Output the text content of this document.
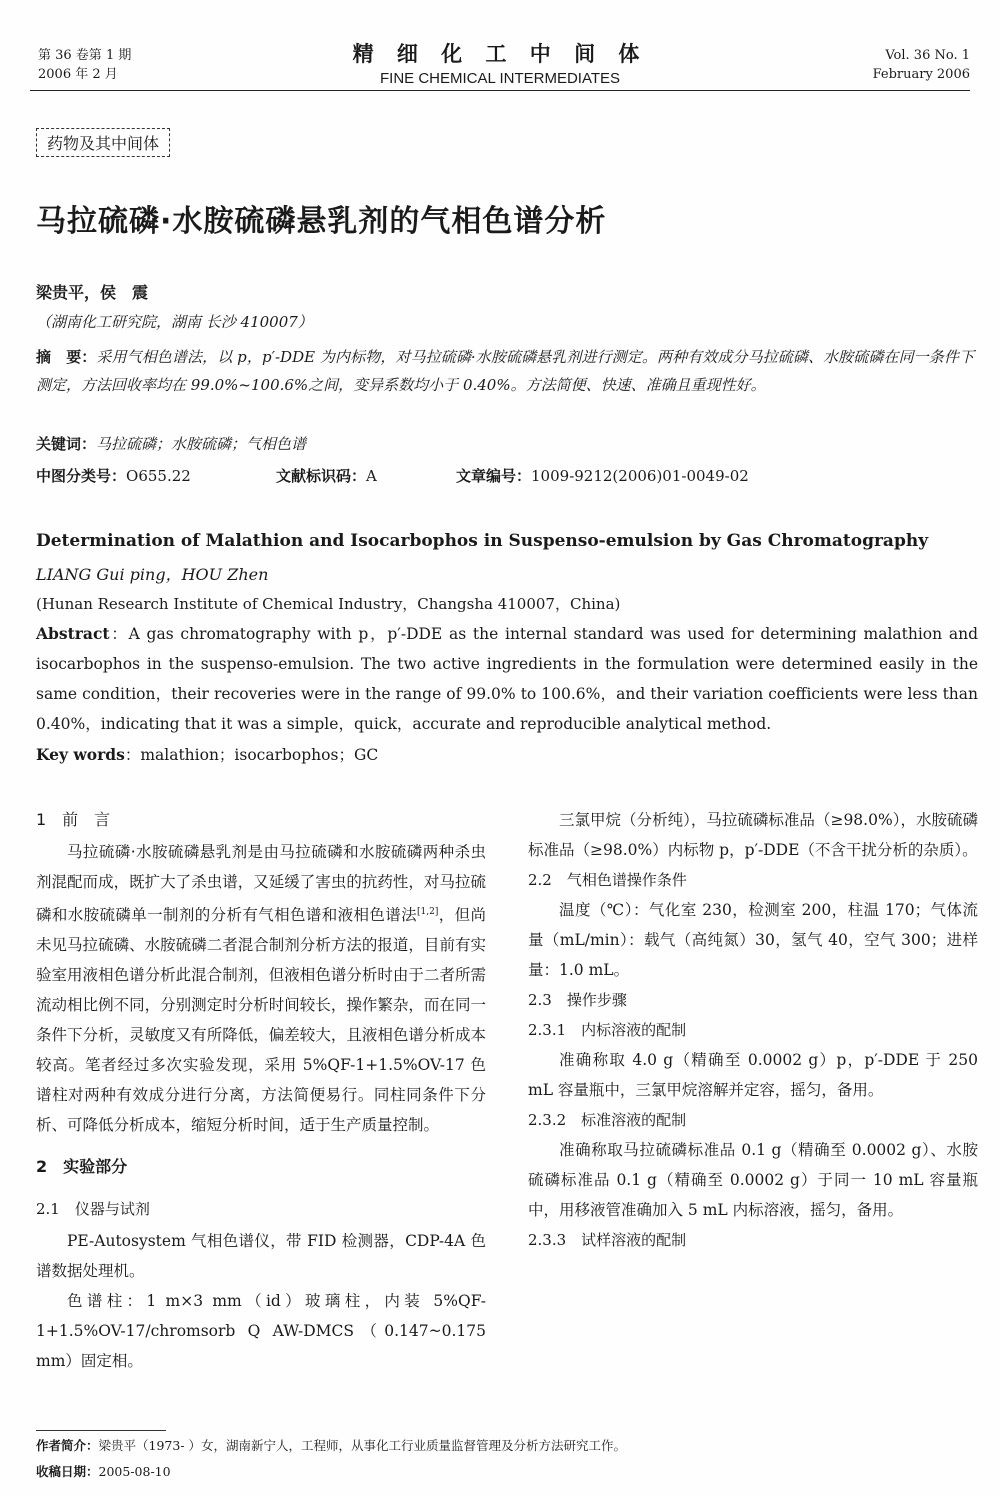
第 36 卷第 1 期
2006 年 2 月
精 细 化 工 中 间 体
FINE CHEMICAL INTERMEDIATES
Vol. 36 No. 1
February 2006
药物及其中间体
马拉硫磷·水胺硫磷悬乳剂的气相色谱分析
梁贵平，侯　震
（湖南化工研究院，湖南 长沙 410007）
摘　要：采用气相色谱法，以 p，p′-DDE 为内标物，对马拉硫磷·水胺硫磷悬乳剂进行测定。两种有效成分马拉硫磷、水胺硫磷在同一条件下测定，方法回收率均在 99.0%~100.6%之间，变异系数均小于 0.40%。方法简便、快速、准确且重现性好。
关键词：马拉硫磷；水胺硫磷；气相色谱
中图分类号：O655.22	文献标识码：A	文章编号：1009-9212(2006)01-0049-02
Determination of Malathion and Isocarbophos in Suspenso-emulsion by Gas Chromatography
LIANG Gui ping，HOU Zhen
(Hunan Research Institute of Chemical Industry，Changsha 410007，China)
Abstract：A gas chromatography with p，p′-DDE as the internal standard was used for determining malathion and isocarbophos in the suspenso-emulsion. The two active ingredients in the formulation were determined easily in the same condition，their recoveries were in the range of 99.0% to 100.6%，and their variation coefficients were less than 0.40%，indicating that it was a simple，quick，accurate and reproducible analytical method.
Key words：malathion；isocarbophos；GC

1　前　言

马拉硫磷·水胺硫磷悬乳剂是由马拉硫磷和水胺硫磷两种杀虫剂混配而成，既扩大了杀虫谱，又延缓了害虫的抗药性，对马拉硫磷和水胺硫磷单一制剂的分析有气相色谱和液相色谱法[1,2]，但尚未见马拉硫磷、水胺硫磷二者混合制剂分析方法的报道，目前有实验室用液相色谱分析此混合制剂，但液相色谱分析时由于二者所需流动相比例不同，分别测定时分析时间较长，操作繁杂，而在同一条件下分析，灵敏度又有所降低，偏差较大，且液相色谱分析成本较高。笔者经过多次实验发现，采用 5%QF-1+1.5%OV-17 色谱柱对两种有效成分进行分离，方法简便易行。同柱同条件下分析、可降低分析成本，缩短分析时间，适于生产质量控制。

2　实验部分

2.1　仪器与试剂

PE-Autosystem 气相色谱仪，带 FID 检测器，CDP-4A 色谱数据处理机。

色谱柱：1 m×3 mm（id）玻璃柱，内装 5%QF-1+1.5%OV-17/chromsorb Q AW-DMCS（0.147~0.175 mm）固定相。

三氯甲烷（分析纯），马拉硫磷标准品（≥98.0%），水胺硫磷标准品（≥98.0%）内标物 p，p′-DDE（不含干扰分析的杂质）。

2.2　气相色谱操作条件

温度（℃）：气化室 230，检测室 200，柱温 170；气体流量（mL/min）：载气（高纯氮）30，氢气 40，空气 300；进样量：1.0 mL。

2.3　操作步骤

2.3.1　内标溶液的配制

准确称取 4.0 g（精确至 0.0002 g）p，p′-DDE 于 250 mL 容量瓶中，三氯甲烷溶解并定容，摇匀，备用。

2.3.2　标准溶液的配制

准确称取马拉硫磷标准品 0.1 g（精确至 0.0002 g）、水胺硫磷标准品 0.1 g（精确至 0.0002 g）于同一 10 mL 容量瓶中，用移液管准确加入 5 mL 内标溶液，摇匀，备用。

2.3.3　试样溶液的配制

作者简介：梁贵平（1973- ）女，湖南新宁人，工程师，从事化工行业质量监督管理及分析方法研究工作。
收稿日期：2005-08-10
